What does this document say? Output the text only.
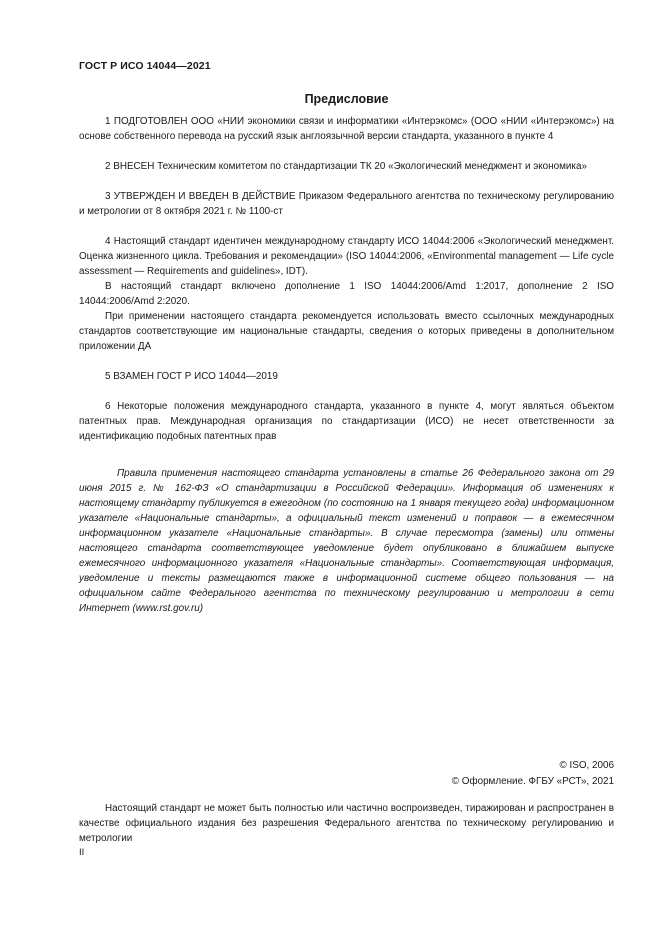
ГОСТ Р ИСО 14044—2021
Предисловие

1 ПОДГОТОВЛЕН ООО «НИИ экономики связи и информатики «Интерэкомс» (ООО «НИИ «Интерэкомс») на основе собственного перевода на русский язык англоязычной версии стандарта, указанного в пункте 4

2 ВНЕСЕН Техническим комитетом по стандартизации ТК 20 «Экологический менеджмент и экономика»

3 УТВЕРЖДЕН И ВВЕДЕН В ДЕЙСТВИЕ Приказом Федерального агентства по техническому регулированию и метрологии от 8 октября 2021 г. № 1100-ст

4 Настоящий стандарт идентичен международному стандарту ИСО 14044:2006 «Экологический менеджмент. Оценка жизненного цикла. Требования и рекомендации» (ISO 14044:2006, «Environmental management — Life cycle assessment — Requirements and guidelines», IDT).

В настоящий стандарт включено дополнение 1 ISO 14044:2006/Amd 1:2017, дополнение 2 ISO 14044:2006/Amd 2:2020.

При применении настоящего стандарта рекомендуется использовать вместо ссылочных международных стандартов соответствующие им национальные стандарты, сведения о которых приведены в дополнительном приложении ДА

5 ВЗАМЕН ГОСТ Р ИСО 14044—2019

6 Некоторые положения международного стандарта, указанного в пункте 4, могут являться объектом патентных прав. Международная организация по стандартизации (ИСО) не несет ответственности за идентификацию подобных патентных прав

Правила применения настоящего стандарта установлены в статье 26 Федерального закона от 29 июня 2015 г. № 162-ФЗ «О стандартизации в Российской Федерации». Информация об изменениях к настоящему стандарту публикуется в ежегодном (по состоянию на 1 января текущего года) информационном указателе «Национальные стандарты», а официальный текст изменений и поправок — в ежемесячном информационном указателе «Национальные стандарты». В случае пересмотра (замены) или отмены настоящего стандарта соответствующее уведомление будет опубликовано в ближайшем выпуске ежемесячного информационного указателя «Национальные стандарты». Соответствующая информация, уведомление и тексты размещаются также в информационной системе общего пользования — на официальном сайте Федерального агентства по техническому регулированию и метрологии в сети Интернет (www.rst.gov.ru)

© ISO, 2006
© Оформление. ФГБУ «РСТ», 2021

Настоящий стандарт не может быть полностью или частично воспроизведен, тиражирован и распространен в качестве официального издания без разрешения Федерального агентства по техническому регулированию и метрологии

II
